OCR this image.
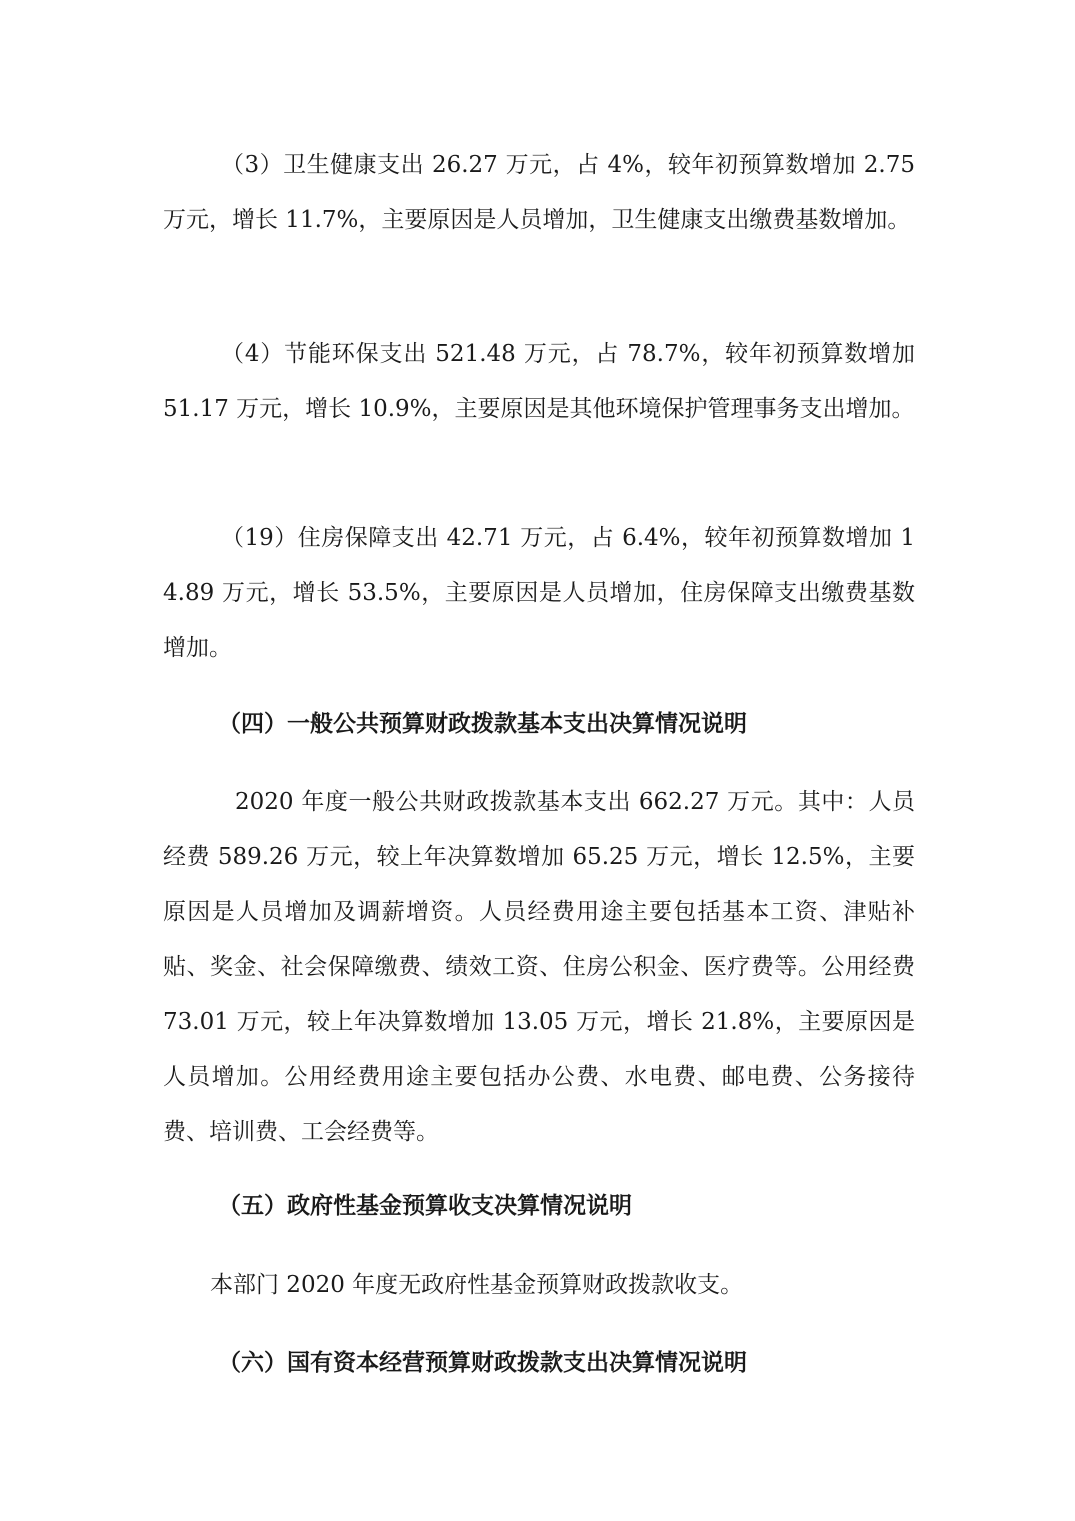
（3）卫生健康支出 26.27 万元，占 4%，较年初预算数增加 2.75 万元，增长 11.7%，主要原因是人员增加，卫生健康支出缴费基数增加。

（4）节能环保支出 521.48 万元，占 78.7%，较年初预算数增加 51.17 万元，增长 10.9%，主要原因是其他环境保护管理事务支出增加。

（19）住房保障支出 42.71 万元，占 6.4%，较年初预算数增加 14.89 万元，增长 53.5%，主要原因是人员增加，住房保障支出缴费基数增加。

（四）一般公共预算财政拨款基本支出决算情况说明

2020 年度一般公共财政拨款基本支出 662.27 万元。其中：人员经费 589.26 万元，较上年决算数增加 65.25 万元，增长 12.5%，主要原因是人员增加及调薪增资。人员经费用途主要包括基本工资、津贴补贴、奖金、社会保障缴费、绩效工资、住房公积金、医疗费等。公用经费 73.01 万元，较上年决算数增加 13.05 万元，增长 21.8%，主要原因是人员增加。公用经费用途主要包括办公费、水电费、邮电费、公务接待费、培训费、工会经费等。

（五）政府性基金预算收支决算情况说明

本部门 2020 年度无政府性基金预算财政拨款收支。

（六）国有资本经营预算财政拨款支出决算情况说明
